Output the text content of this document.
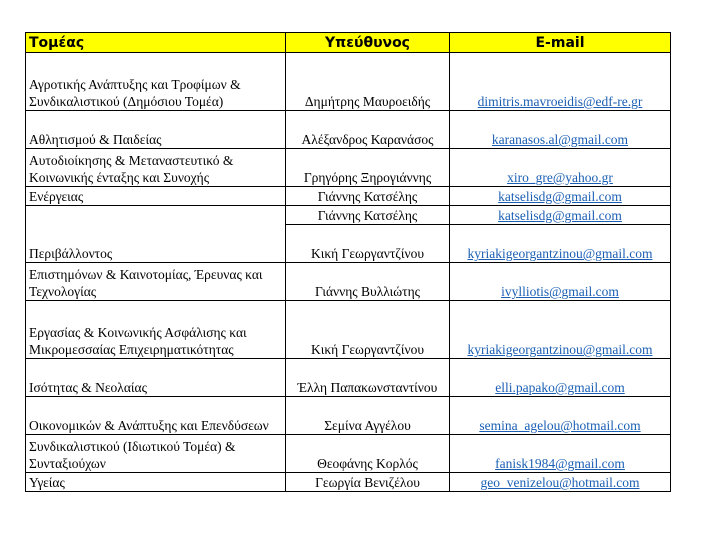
Τομέας	Υπεύθυνος	E-mail
Αγροτικής Ανάπτυξης και Τροφίμων & Συνδικαλιστικού (Δημόσιου Τομέα)	Δημήτρης Μαυροειδής	dimitris.mavroeidis@edf-re.gr
Αθλητισμού & Παιδείας	Αλέξανδρος Καρανάσος	karanasos.al@gmail.com
Αυτοδιοίκησης & Μεταναστευτικό & Κοινωνικής ένταξης και Συνοχής	Γρηγόρης Ξηρογιάννης	xiro_gre@yahoo.gr
Ενέργειας	Γιάννης Κατσέλης	katselisdg@gmail.com
Περιβάλλοντος	Γιάννης Κατσέλης	katselisdg@gmail.com
	Κική Γεωργαντζίνου	kyriakigeorgantzinou@gmail.com
Επιστημόνων & Καινοτομίας, Έρευνας και Τεχνολογίας	Γιάννης Βυλλιώτης	ivylliotis@gmail.com
Εργασίας & Κοινωνικής Ασφάλισης και Μικρομεσσαίας Επιχειρηματικότητας	Κική Γεωργαντζίνου	kyriakigeorgantzinou@gmail.com
Ισότητας & Νεολαίας	Έλλη Παπακωνσταντίνου	elli.papako@gmail.com
Οικονομικών & Ανάπτυξης και Επενδύσεων	Σεμίνα Αγγέλου	semina_agelou@hotmail.com
Συνδικαλιστικού (Ιδιωτικού Τομέα) & Συνταξιούχων	Θεοφάνης Κορλός	fanisk1984@gmail.com
Υγείας	Γεωργία Βενιζέλου	geo_venizelou@hotmail.com
